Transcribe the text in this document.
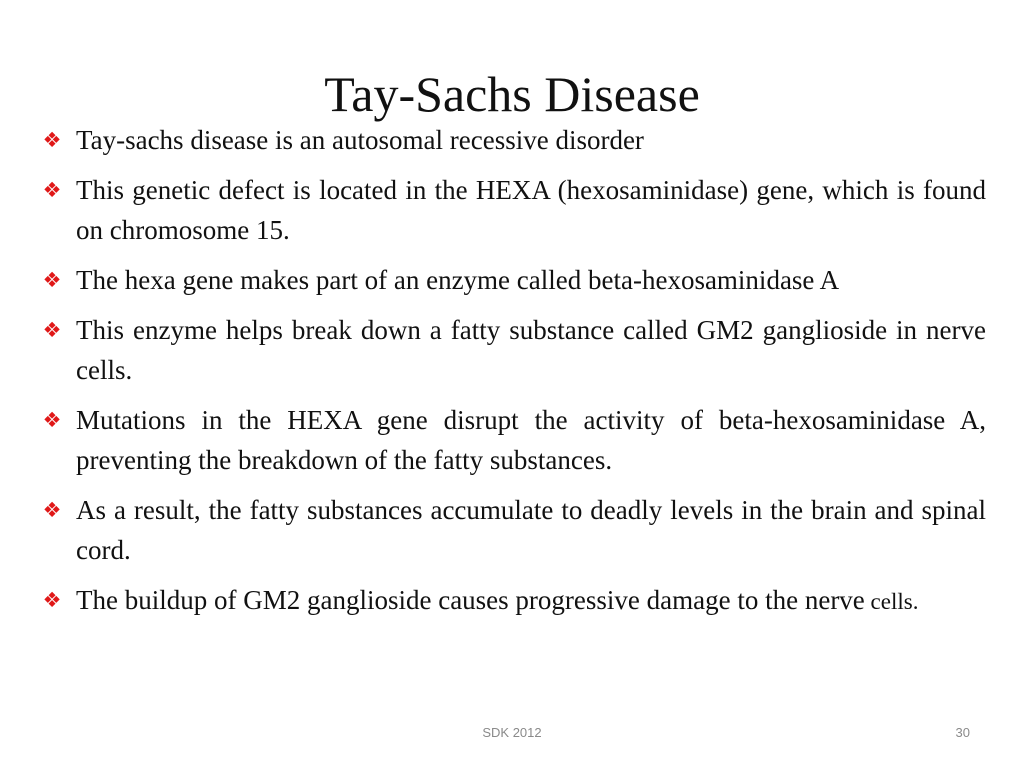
Tay-Sachs Disease
❖ Tay-sachs disease is an autosomal recessive disorder
❖ This genetic defect is located in the HEXA (hexosaminidase) gene, which is found on chromosome 15.
❖ The hexa gene makes part of an enzyme called beta-hexosaminidase A
❖ This enzyme helps break down a fatty substance called GM2 ganglioside in nerve cells.
❖ Mutations in the HEXA gene disrupt the activity of beta-hexosaminidase A, preventing the breakdown of the fatty substances.
❖ As a result, the fatty substances accumulate to deadly levels in the brain and spinal cord.
❖ The buildup of GM2 ganglioside causes progressive damage to the nerve cells.
SDK 2012	30
